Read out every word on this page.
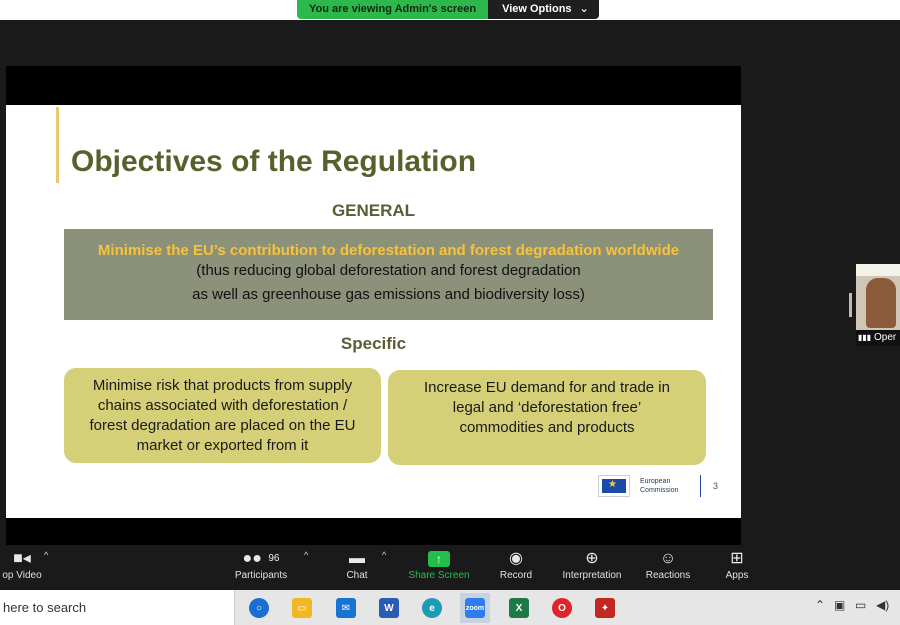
You are viewing Admin's screen	View Options ⌄
Objectives of the Regulation
GENERAL
Minimise the EU’s contribution to deforestation and forest degradation worldwide
(thus reducing global deforestation and forest degradation
as well as greenhouse gas emissions and biodiversity loss)
Specific
Minimise risk that products from supply
chains associated with deforestation /
forest degradation are placed on the EU
market or exported from it
Increase EU demand for and trade in
legal and ‘deforestation free’
commodities and products
★
European
Commission	3
▮▮▮ Oper
■◂
op Video
^	●● $^{96}$
Participants
^	▬
Chat
^	↑
Share Screen
◉
Record
⊕
Interpretation
☺
Reactions
⊞
Apps
here to search	○	▭	✉	W	e	zoom	X	O	✦	⌃ ▣ ▭ ◀)
